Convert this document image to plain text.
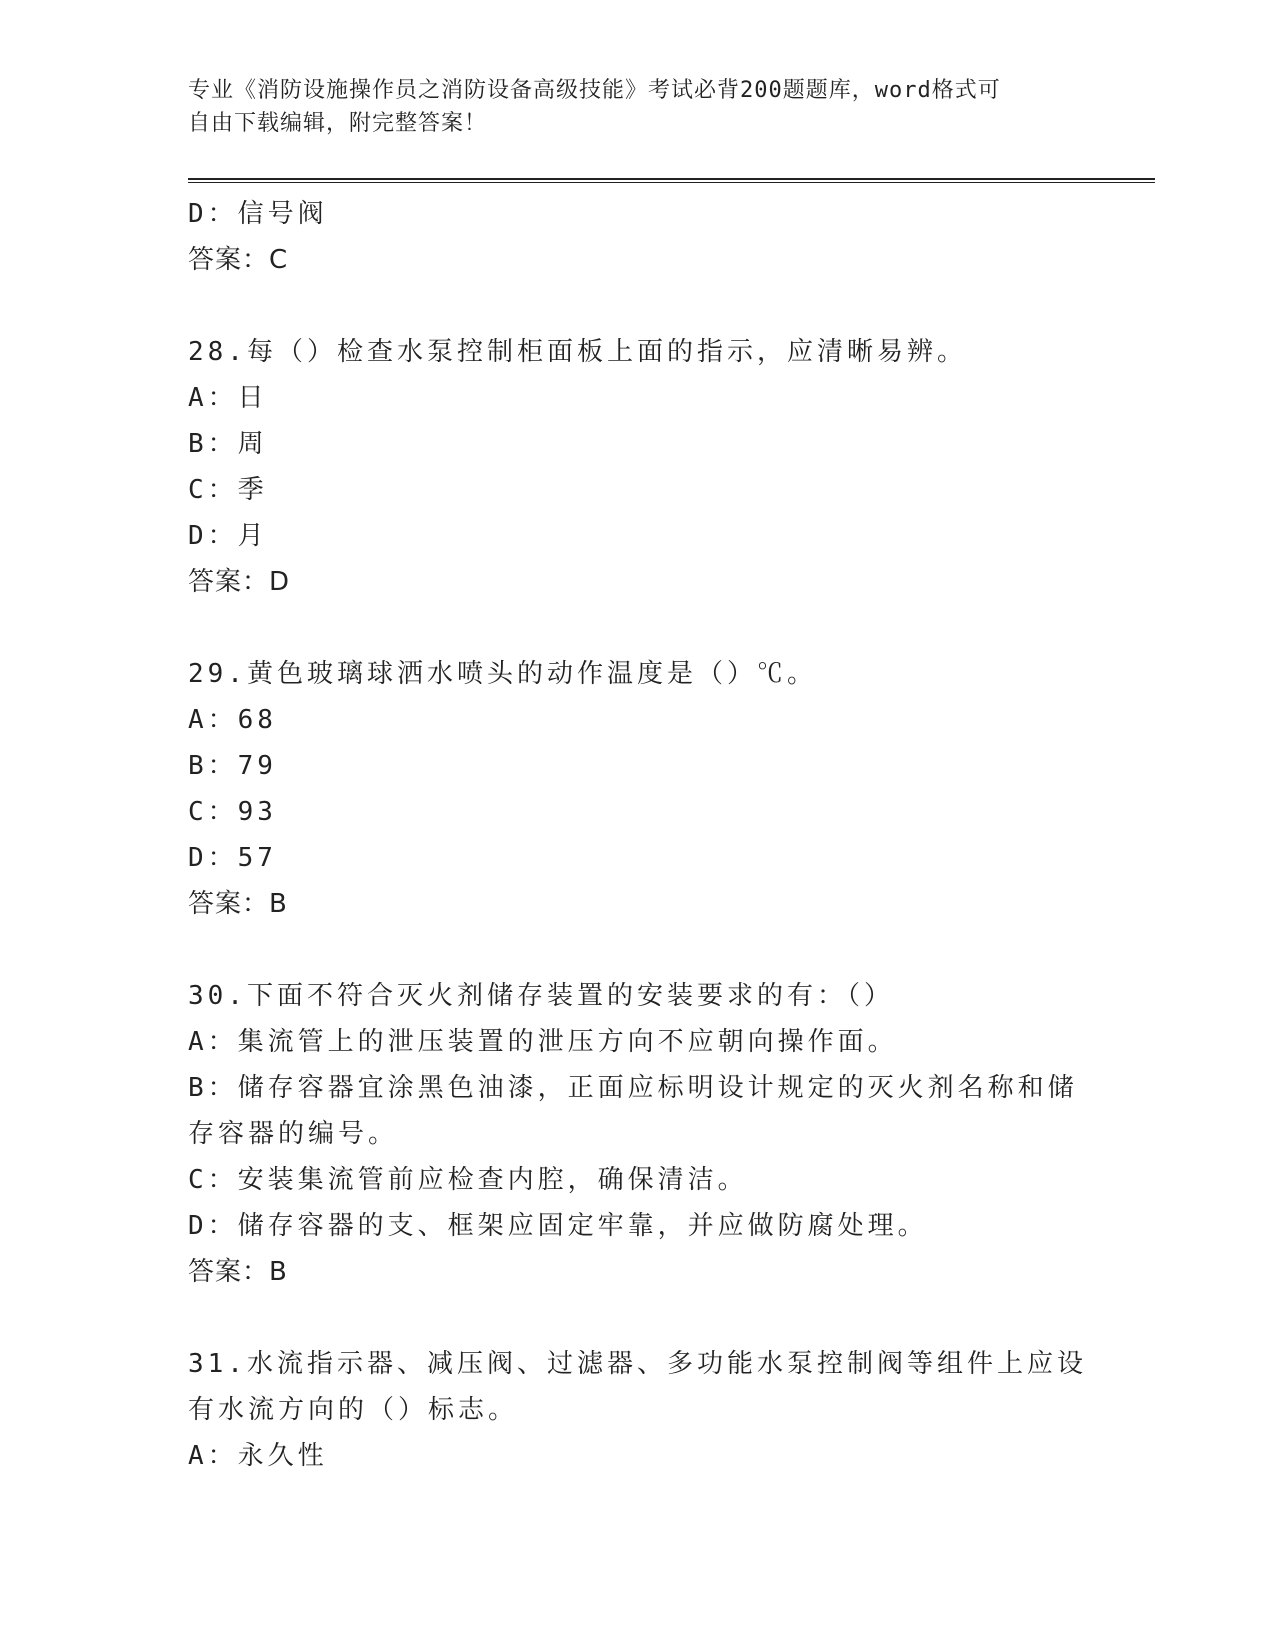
专业《消防设施操作员之消防设备高级技能》考试必背200题题库，word格式可
自由下载编辑，附完整答案！
D：信号阀
答案：C
28.每（）检查水泵控制柜面板上面的指示，应清晰易辨。
A：日
B：周
C：季
D：月
答案：D
29.黄色玻璃球洒水喷头的动作温度是（）℃。
A：68
B：79
C：93
D：57
答案：B
30.下面不符合灭火剂储存装置的安装要求的有：（）
A：集流管上的泄压装置的泄压方向不应朝向操作面。
B：储存容器宜涂黑色油漆，正面应标明设计规定的灭火剂名称和储存容器的编号。
C：安装集流管前应检查内腔，确保清洁。
D：储存容器的支、框架应固定牢靠，并应做防腐处理。
答案：B
31.水流指示器、减压阀、过滤器、多功能水泵控制阀等组件上应设有水流方向的（）标志。
A：永久性
